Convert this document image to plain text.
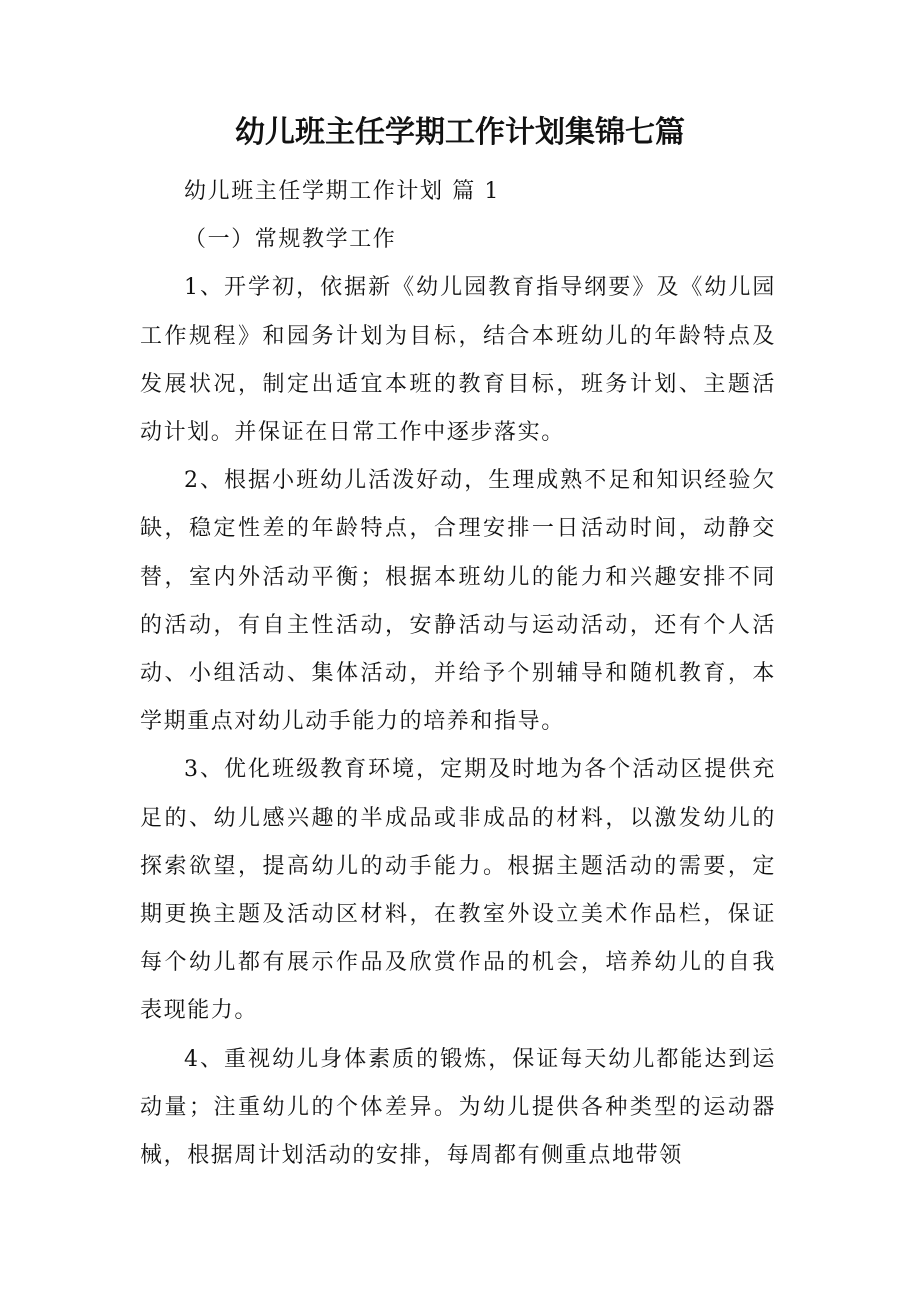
幼儿班主任学期工作计划集锦七篇

幼儿班主任学期工作计划 篇 1

（一）常规教学工作

1、开学初，依据新《幼儿园教育指导纲要》及《幼儿园工作规程》和园务计划为目标，结合本班幼儿的年龄特点及发展状况，制定出适宜本班的教育目标，班务计划、主题活动计划。并保证在日常工作中逐步落实。

2、根据小班幼儿活泼好动，生理成熟不足和知识经验欠缺，稳定性差的年龄特点，合理安排一日活动时间，动静交替，室内外活动平衡；根据本班幼儿的能力和兴趣安排不同的活动，有自主性活动，安静活动与运动活动，还有个人活动、小组活动、集体活动，并给予个别辅导和随机教育，本学期重点对幼儿动手能力的培养和指导。

3、优化班级教育环境，定期及时地为各个活动区提供充足的、幼儿感兴趣的半成品或非成品的材料，以激发幼儿的探索欲望，提高幼儿的动手能力。根据主题活动的需要，定期更换主题及活动区材料，在教室外设立美术作品栏，保证每个幼儿都有展示作品及欣赏作品的机会，培养幼儿的自我表现能力。

4、重视幼儿身体素质的锻炼，保证每天幼儿都能达到运动量；注重幼儿的个体差异。为幼儿提供各种类型的运动器械，根据周计划活动的安排，每周都有侧重点地带领
